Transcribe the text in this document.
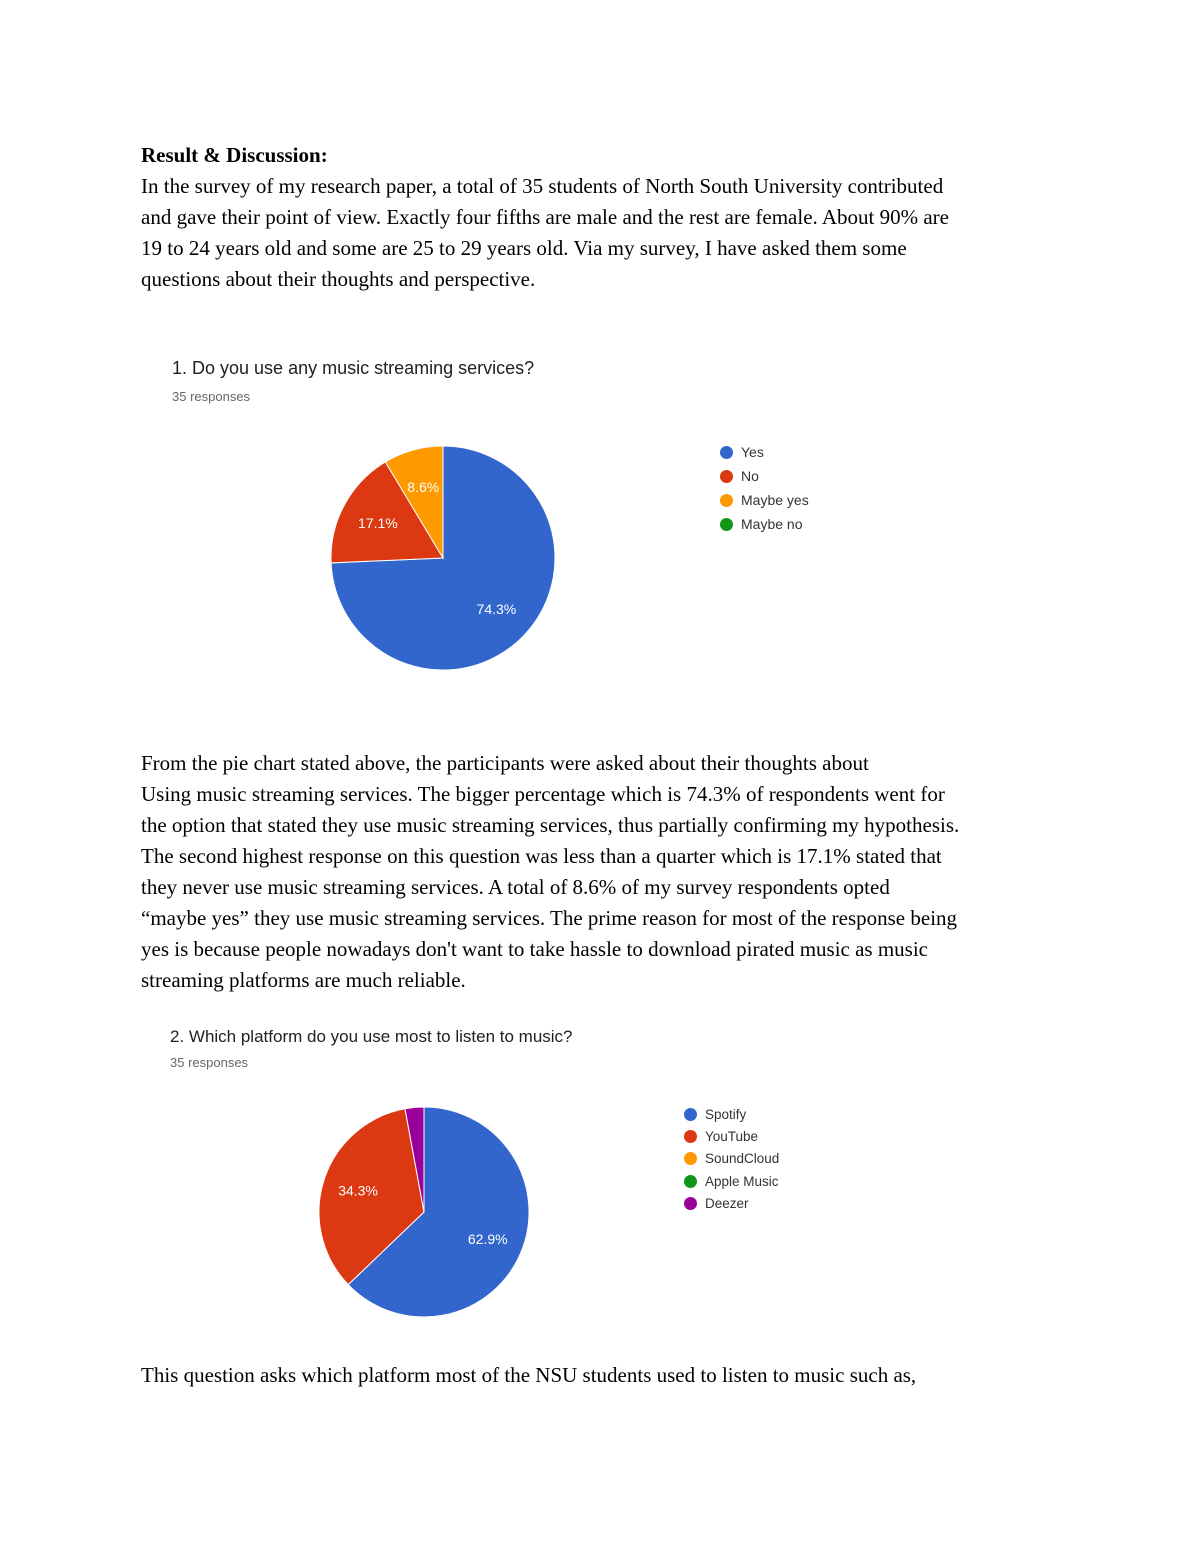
Result & Discussion:
In the survey of my research paper, a total of 35 students of North South University contributed
and gave their point of view. Exactly four fifths are male and the rest are female. About 90% are
19 to 24 years old and some are 25 to 29 years old. Via my survey, I have asked them some
questions about their thoughts and perspective.
1. Do you use any music streaming services?
35 responses
74.3%
17.1%
8.6%
Yes
No
Maybe yes
Maybe no
From the pie chart stated above, the participants were asked about their thoughts about
Using music streaming services. The bigger percentage which is 74.3% of respondents went for
the option that stated they use music streaming services, thus partially confirming my hypothesis.
The second highest response on this question was less than a quarter which is 17.1% stated that
they never use music streaming services. A total of 8.6% of my survey respondents opted
“maybe yes” they use music streaming services. The prime reason for most of the response being
yes is because people nowadays don't want to take hassle to download pirated music as music
streaming platforms are much reliable.
2. Which platform do you use most to listen to music?
35 responses
62.9%
34.3%
Spotify
YouTube
SoundCloud
Apple Music
Deezer
This question asks which platform most of the NSU students used to listen to music such as,
